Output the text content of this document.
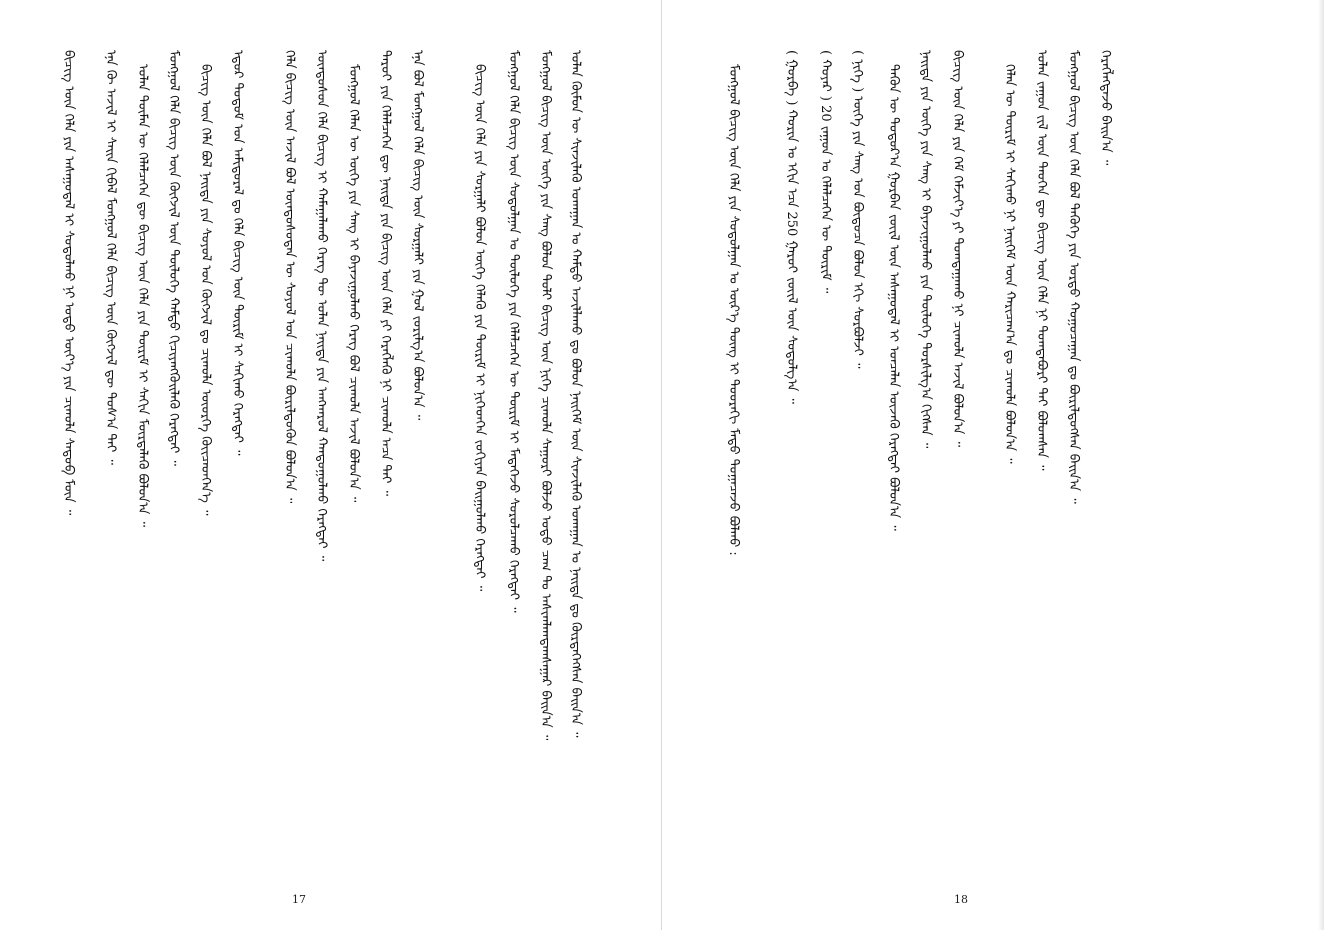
ᠪᠢᠴᠢᠭ᠌ ᠦᠨ ᠬᠡᠯᠡ ᠶᠢᠨ ᠠᠰᠠᠭᠤᠳᠠᠯ ᠢ ᠰᠤᠳᠤᠯᠬᠤ ᠨᠢ ᠣᠳᠣ ᠦᠶ᠎ᠡ ᠶᠢᠨ ᠴᠢᠬᠤᠯᠠ ᠰᠡᠳᠦᠪ ᠮᠥᠨ ᠃	ᠡᠨᠡ ᠬᠦ ᠠᠵᠢᠯ ᠢ ᠰᠠᠢᠨ ᠬᠢᠪᠡᠯ ᠮᠣᠩᠭᠣᠯ ᠬᠡᠯᠡ ᠪᠢᠴᠢᠭ ᠦᠨ ᠬᠦᠭᠵᠢᠯ ᠳᠦ ᠲᠤᠰ᠎ᠠ ᠲᠠᠢ ᠃	ᠣᠯᠠᠨ ᠲᠦᠮᠡᠨ ᠦ ᠬᠡᠯᠡᠯᠴᠡᠭᠡᠨ ᠳᠦ ᠪᠢᠴᠢᠭ᠌ ᠦᠨ ᠬᠡᠯᠡ ᠶᠢᠨ ᠳᠦᠷᠢᠮ ᠢ ᠰᠠᠬᠢᠨ ᠮᠥᠷᠳᠡᠯᠡᠬᠦ ᠪᠣᠯᠤᠨ᠎ᠠ ᠃	ᠮᠣᠩᠭᠣᠯ ᠬᠡᠯᠡ ᠪᠢᠴᠢᠭ᠌ ᠦᠨ ᠬᠦᠭᠵᠢᠯ ᠦᠨ ᠲᠦᠯᠦᠭᠡ ᠬᠠᠮᠲᠤ ᠬᠢᠴᠢᠶᠡᠩᠭᠦᠢᠯᠡᠬᠦ ᠬᠡᠷᠡᠭᠲᠡᠢ ᠃	ᠪᠢᠴᠢᠭ᠌ ᠦᠨ ᠬᠡᠯᠡ ᠪᠣᠯ ᠨᠡᠢᠲᠡ ᠶᠢᠨ ᠰᠣᠶᠣᠯ ᠤᠨ ᠬᠦᠭᠵᠢᠯ ᠳᠤ ᠴᠢᠬᠤᠯᠠ ᠦᠦᠷᠭᠡ ᠭᠦᠢᠴᠡᠳᠭᠡᠨ᠎ᠡ ᠃	ᠡᠳᠦᠷ ᠲᠤᠲᠤᠮ ᠤᠨ ᠠᠮᠢᠳᠤᠷᠠᠯ ᠳᠤ ᠬᠡᠯᠡ ᠪᠢᠴᠢᠭ᠌ ᠦᠨ ᠳᠦᠷᠢᠮ ᠢ ᠰᠠᠬᠢᠬᠤ ᠬᠡᠷᠡᠭᠲᠡᠢ ᠃	ᠬᠡᠯᠡ ᠪᠢᠴᠢᠭ᠌ ᠦᠨ ᠠᠵᠢᠯ ᠪᠣᠯ ᠦᠨᠳᠦᠰᠦᠲᠡᠨ ᠦ ᠰᠣᠶᠣᠯ ᠤᠨ ᠴᠢᠬᠤᠯᠠ ᠪᠦᠷᠢᠯᠳᠦᠬᠦᠨ ᠪᠣᠯᠤᠨ᠎ᠠ ᠃	ᠦᠨᠳᠦᠰᠦᠨ ᠬᠡᠯᠡ ᠪᠢᠴᠢᠭ᠌ ᠢ ᠬᠠᠮᠠᠭᠠᠯᠠᠬᠤ ᠬᠡᠷᠡᠭ ᠲᠦ ᠣᠯᠠᠨ ᠨᠡᠢᠲᠡ ᠶᠢᠨ ᠠᠩᠬᠠᠷᠤᠯ ᠬᠠᠨᠳᠤᠭᠤᠯᠬᠤ ᠬᠡᠷᠡᠭᠲᠡᠢ ᠃	ᠮᠣᠩᠭᠣᠯ ᠬᠡᠯᠡᠨ ᠦ ᠦᠭᠡ ᠶᠢᠨ ᠰᠠᠩ ᠢ ᠪᠠᠶᠠᠵᠢᠭᠤᠯᠬᠤ ᠬᠡᠷᠡᠭ ᠪᠣᠯ ᠴᠢᠬᠤᠯᠠ ᠠᠵᠢᠯ ᠪᠣᠯᠤᠨ᠎ᠠ ᠃	ᠳᠠᠷᠤᠢ ᠶᠢᠨ ᠬᠡᠯᠡᠯᠴᠡᠭᠡᠨ ᠳᠦ ᠨᠡᠢᠲᠡ ᠶᠢᠨ ᠪᠢᠴᠢᠭ᠌ ᠦᠨ ᠬᠡᠯᠡ ᠶᠢ ᠬᠡᠷᠡᠭᠯᠡᠬᠦ ᠨᠢ ᠴᠢᠬᠤᠯᠠ ᠠᠴᠠ ᠲᠠᠢ ᠃	ᠡᠨᠡ ᠪᠣᠯ ᠮᠣᠩᠭᠣᠯ ᠬᠡᠯᠡ ᠪᠢᠴᠢᠭ᠌ ᠦᠨ ᠰᠤᠷᠭᠠᠯᠢ ᠶᠢᠨ ᠭᠣᠯ ᠵᠣᠷᠢᠯᠭ᠎ᠠ ᠪᠣᠯᠤᠨ᠎ᠠ ᠃	ᠪᠢᠴᠢᠭ᠌ ᠦᠨ ᠬᠡᠯᠡ ᠶᠢᠨ ᠰᠤᠷᠭᠠᠯᠢ ᠪᠣᠯᠤᠨ ᠦᠭᠡ ᠬᠡᠯᠡᠬᠦ ᠶᠢᠨ ᠳᠦᠷᠢᠮ ᠢ ᠨᠢᠭᠡᠳᠭᠡᠨ ᠵᠣᠬᠢᠶᠠᠨ ᠪᠠᠢᠭᠤᠯᠬᠤ ᠬᠡᠷᠡᠭᠲᠡᠢ ᠃	ᠮᠣᠩᠭᠣᠯ ᠬᠡᠯᠡ ᠪᠢᠴᠢᠭ᠌ ᠦᠨ ᠰᠤᠳᠤᠯᠭᠠᠨ ᠤ ᠲᠦᠯᠦᠭᠡ ᠶᠢᠨ ᠬᠡᠯᠡᠯᠴᠡᠭᠡᠨ ᠦ ᠳᠦᠷᠢᠮ ᠢ ᠮᠡᠳᠡᠭᠡᠵᠦ ᠰᠤᠷᠤᠯᠴᠠᠬᠤ ᠬᠡᠷᠡᠭᠲᠡᠢ ᠃	ᠮᠣᠩᠭᠣᠯ ᠪᠢᠴᠢᠭ᠌ ᠦᠨ ᠦᠭᠡ ᠶᠢᠨ ᠰᠠᠩ ᠪᠣᠯᠤᠨ ᠲᠣᠯᠢ ᠪᠢᠴᠢᠭ ᠦᠨ ᠨᠢᠭᠡ ᠴᠢᠬᠤᠯᠠ ᠰᠠᠭᠤᠷᠢ ᠪᠣᠯᠵᠤ ᠣᠳᠣ ᠴᠠᠭ ᠲᠤ ᠠᠰᠢᠭᠯᠠᠭᠳᠠᠭᠰᠠᠭᠠᠷ ᠪᠠᠢᠨ᠎ᠠ ᠃	ᠣᠯᠠᠨ ᠬᠦᠮᠦᠨ ᠦ ᠰᠢᠨᠵᠢᠯᠡᠬᠦ ᠤᠬᠠᠭᠠᠨ ᠤ ᠬᠠᠮᠲᠤ ᠠᠵᠢᠯᠯᠠᠬᠤ ᠳᠤ ᠪᠣᠯᠤᠨ ᠨᠡᠢᠭᠡᠮ ᠦᠨ ᠰᠢᠨᠵᠢᠯᠡᠬᠦ ᠤᠬᠠᠭᠠᠨ ᠤ ᠨᠡᠢᠲᠡ ᠳᠤ ᠬᠦᠷᠲᠡᠭᠡᠭᠰᠡᠨ ᠪᠠᠢᠨ᠎ᠠ ᠃
17
ᠮᠣᠩᠭᠣᠯ ᠪᠢᠴᠢᠭ᠌ ᠦᠨ ᠬᠡᠯᠡ ᠶᠢᠨ ᠰᠤᠳᠤᠯᠭᠠᠨ ᠤ ᠦᠷ᠎ᠡ ᠳᠦᠩ ᠢ ᠳᠣᠣᠷᠠᠬᠢ ᠮᠡᠲᠦ ᠲᠣᠭᠠᠴᠠᠵᠤ ᠪᠣᠯᠬᠤ :	( ᠭᠤᠷᠪᠠ ) ᠬᠣᠷᠢᠨ ᠤ ᠡᠬᠢᠨ ᠡᠴᠡ 250 ᠭᠠᠷᠤᠢ ᠵᠦᠢᠯ ᠦᠨ ᠰᠤᠳᠤᠯᠭ᠎ᠠ ᠃	( ᠬᠣᠶᠠᠷ ) 20 ᠵᠠᠭᠤᠨ ᠤ ᠬᠡᠯᠡᠯᠴᠡᠭᠡᠨ ᠦ ᠳᠦᠷᠢᠮ ᠃	( ᠨᠢᠭᠡ ) ᠦᠭᠡ ᠶᠢᠨ ᠰᠠᠩ ᠤᠨ ᠪᠦᠲᠦᠴᠡ ᠪᠣᠯᠤᠨ ᠡᠬᠢ ᠰᠤᠷᠪᠤᠯᠵᠢ ᠃	ᠲᠡᠭᠦᠨ ᠦ ᠳᠣᠲᠣᠷ᠎ᠠ ᠭᠤᠷᠪᠠᠨ ᠵᠦᠢᠯ ᠦᠨ ᠠᠰᠠᠭᠤᠳᠠᠯ ᠢ ᠣᠨᠴᠠᠯᠠᠨ ᠦᠵᠡᠬᠦ ᠬᠡᠷᠡᠭᠲᠡᠢ ᠪᠣᠯᠤᠨ᠎ᠠ ᠃	ᠨᠡᠢᠲᠡ ᠶᠢᠨ ᠦᠭᠡ ᠶᠢᠨ ᠰᠠᠩ ᠢ ᠪᠠᠶᠠᠵᠢᠭᠤᠯᠬᠤ ᠶᠢᠨ ᠲᠥᠯᠦᠭᠡ ᠲᠤᠷᠰᠢᠯᠭ᠎ᠠ ᠬᠢᠭᠰᠡᠨ ᠃	ᠪᠢᠴᠢᠭ᠌ ᠦᠨ ᠬᠡᠯᠡ ᠶᠢᠨ ᠬᠡᠮ ᠬᠡᠮᠵᠢᠶ᠎ᠡ ᠶᠢ ᠲᠣᠭᠲᠠᠭᠠᠬᠤ ᠨᠢ ᠴᠢᠬᠤᠯᠠ ᠠᠵᠢᠯ ᠪᠣᠯᠤᠨ᠎ᠠ ᠃	ᠬᠡᠯᠡᠨ ᠦ ᠳᠦᠷᠢᠮ ᠢ ᠰᠠᠬᠢᠬᠤ ᠨᠢ ᠨᠡᠢᠭᠡᠮ ᠦᠨ ᠬᠠᠷᠢᠴᠠᠭ᠎ᠠ ᠳᠤ ᠴᠢᠬᠤᠯᠠ ᠪᠣᠯᠤᠨ᠎ᠠ ᠃	ᠣᠯᠠᠨ ᠵᠠᠭᠤᠨ ᠵᠢᠯ ᠦᠨ ᠲᠡᠦᠬᠡᠨ ᠳᠦ ᠪᠢᠴᠢᠭ᠌ ᠦᠨ ᠬᠡᠯᠡ ᠨᠢ ᠲᠣᠭᠲᠠᠪᠤᠷᠢ ᠲᠠᠢ ᠪᠣᠯᠤᠭᠰᠠᠨ ᠃	ᠮᠣᠩᠭᠣᠯ ᠪᠢᠴᠢᠭ᠌ ᠦᠨ ᠬᠡᠯᠡ ᠪᠣᠯ ᠲᠡᠭᠦᠬᠡ ᠶᠢᠨ ᠤᠷᠲᠤ ᠬᠤᠭᠤᠴᠠᠭᠠᠨ ᠳᠤ ᠪᠦᠷᠢᠯᠳᠦᠭᠰᠡᠨ ᠪᠠᠢᠨ᠎ᠠ ᠃	ᠬᠡᠷᠡᠭᠯᠡᠭᠳᠡᠵᠦ ᠪᠠᠢᠨ᠎ᠠ ᠃
18
